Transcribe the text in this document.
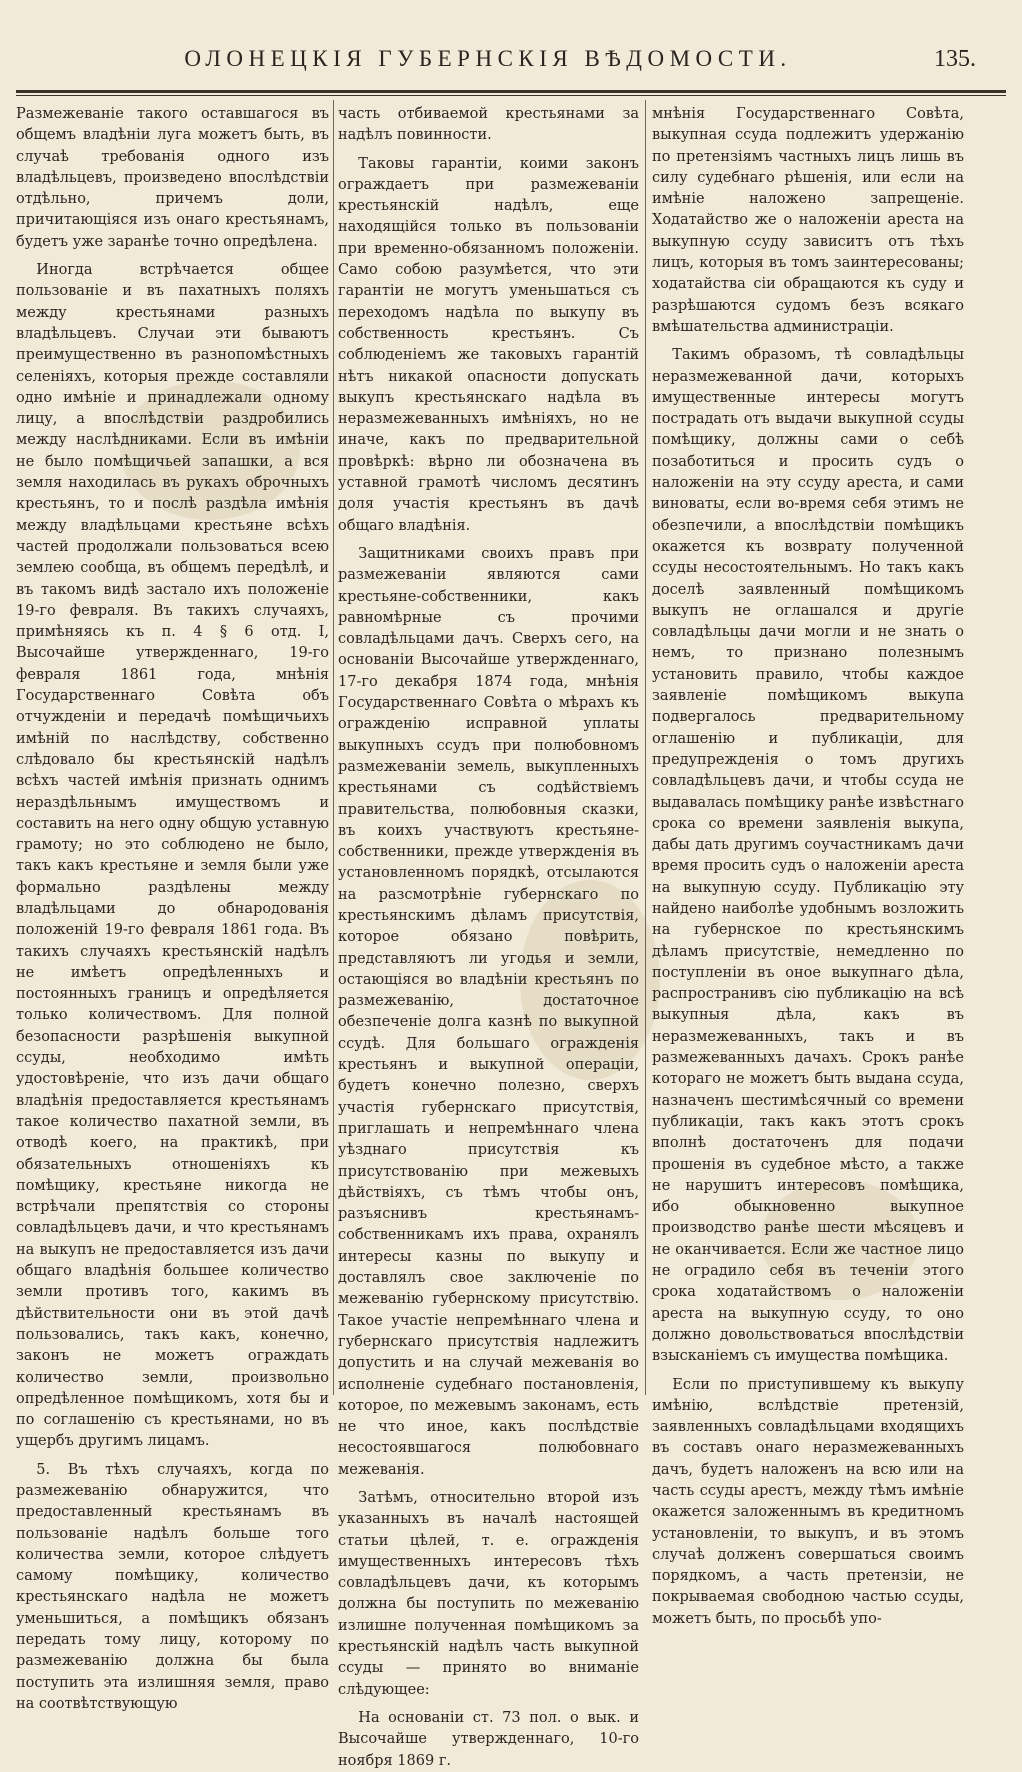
ОЛОНЕЦКІЯ ГУБЕРНСКІЯ ВѢДОМОСТИ.	135.

Размежеваніе такого оставшагося въ общемъ владѣніи луга можетъ быть, въ случаѣ требованія одного изъ владѣльцевъ, произведено впослѣдствіи отдѣльно, причемъ доли, причитающіяся изъ онаго крестьянамъ, будетъ уже заранѣе точно опредѣлена.

Иногда встрѣчается общее пользованіе и въ пахатныхъ поляхъ между крестьянами разныхъ владѣльцевъ. Случаи эти бываютъ преимущественно въ разнопомѣстныхъ селеніяхъ, которыя прежде составляли одно имѣніе и принадлежали одному лицу, а впослѣдствіи раздробились между наслѣдниками. Если въ имѣніи не было помѣщичьей запашки, а вся земля находилась въ рукахъ оброчныхъ крестьянъ, то и послѣ раздѣла имѣнія между владѣльцами крестьяне всѣхъ частей продолжали пользоваться всею землею сообща, въ общемъ передѣлѣ, и въ такомъ видѣ застало ихъ положеніе 19-го февраля. Въ такихъ случаяхъ, примѣняясь къ п. 4 § 6 отд. I, Высочайше утвержденнаго, 19-го февраля 1861 года, мнѣнія Государственнаго Совѣта объ отчужденіи и передачѣ помѣщичьихъ имѣній по наслѣдству, собственно слѣдовало бы крестьянскій надѣлъ всѣхъ частей имѣнія признать однимъ нераздѣльнымъ имуществомъ и составить на него одну общую уставную грамоту; но это соблюдено не было, такъ какъ крестьяне и земля были уже формально раздѣлены между владѣльцами до обнародованія положеній 19-го февраля 1861 года. Въ такихъ случаяхъ крестьянскій надѣлъ не имѣетъ опредѣленныхъ и постоянныхъ границъ и опредѣляется только количествомъ. Для полной безопасности разрѣшенія выкупной ссуды, необходимо имѣть удостовѣреніе, что изъ дачи общаго владѣнія предоставляется крестьянамъ такое количество пахатной земли, въ отводѣ коего, на практикѣ, при обязательныхъ отношеніяхъ къ помѣщику, крестьяне никогда не встрѣчали препятствія со стороны совладѣльцевъ дачи, и что крестьянамъ на выкупъ не предоставляется изъ дачи общаго владѣнія большее количество земли противъ того, какимъ въ дѣйствительности они въ этой дачѣ пользовались, такъ какъ, конечно, законъ не можетъ ограждать количество земли, произвольно опредѣленное помѣщикомъ, хотя бы и по соглашенію съ крестьянами, но въ ущербъ другимъ лицамъ.

5. Въ тѣхъ случаяхъ, когда по размежеванію обнаружится, что предоставленный крестьянамъ въ пользованіе надѣлъ больше того количества земли, которое слѣдуетъ самому помѣщику, количество крестьянскаго надѣла не можетъ уменьшиться, а помѣщикъ обязанъ передать тому лицу, которому по размежеванію должна бы была поступить эта излишняя земля, право на соотвѣтствующую

часть отбиваемой крестьянами за надѣлъ повинности.

Таковы гарантіи, коими законъ ограждаетъ при размежеваніи крестьянскій надѣлъ, еще находящійся только въ пользованіи при временно-обязанномъ положеніи. Само собою разумѣется, что эти гарантіи не могутъ уменьшаться съ переходомъ надѣла по выкупу въ собственность крестьянъ. Съ соблюденіемъ же таковыхъ гарантій нѣтъ никакой опасности допускать выкупъ крестьянскаго надѣла въ неразмежеванныхъ имѣніяхъ, но не иначе, какъ по предварительной провѣркѣ: вѣрно ли обозначена въ уставной грамотѣ числомъ десятинъ доля участія крестьянъ въ дачѣ общаго владѣнія.

Защитниками своихъ правъ при размежеваніи являются сами крестьяне-собственники, какъ равномѣрные съ прочими совладѣльцами дачъ. Сверхъ сего, на основаніи Высочайше утвержденнаго, 17-го декабря 1874 года, мнѣнія Государственнаго Совѣта о мѣрахъ къ огражденію исправной уплаты выкупныхъ ссудъ при полюбовномъ размежеваніи земель, выкупленныхъ крестьянами съ содѣйствіемъ правительства, полюбовныя сказки, въ коихъ участвуютъ крестьяне-собственники, прежде утвержденія въ установленномъ порядкѣ, отсылаются на разсмотрѣніе губернскаго по крестьянскимъ дѣламъ присутствія, которое обязано повѣрить, представляютъ ли угодья и земли, остающіяся во владѣніи крестьянъ по размежеванію, достаточное обезпеченіе долга казнѣ по выкупной ссудѣ. Для большаго огражденія крестьянъ и выкупной операціи, будетъ конечно полезно, сверхъ участія губернскаго присутствія, приглашать и непремѣннаго члена уѣзднаго присутствія къ присутствованію при межевыхъ дѣйствіяхъ, съ тѣмъ чтобы онъ, разъяснивъ крестьянамъ-собственникамъ ихъ права, охранялъ интересы казны по выкупу и доставлялъ свое заключеніе по межеванію губернскому присутствію. Такое участіе непремѣннаго члена и губернскаго присутствія надлежитъ допустить и на случай межеванія во исполненіе судебнаго постановленія, которое, по межевымъ законамъ, есть не что иное, какъ послѣдствіе несостоявшагося полюбовнаго межеванія.

Затѣмъ, относительно второй изъ указанныхъ въ началѣ настоящей статьи цѣлей, т. е. огражденія имущественныхъ интересовъ тѣхъ совладѣльцевъ дачи, къ которымъ должна бы поступить по межеванію излишне полученная помѣщикомъ за крестьянскій надѣлъ часть выкупной ссуды — принято во вниманіе слѣдующее:

На основаніи ст. 73 пол. о вык. и Высочайше утвержденнаго, 10-го ноября 1869 г.

мнѣнія Государственнаго Совѣта, выкупная ссуда подлежитъ удержанію по претензіямъ частныхъ лицъ лишь въ силу судебнаго рѣшенія, или если на имѣніе наложено запрещеніе. Ходатайство же о наложеніи ареста на выкупную ссуду зависитъ отъ тѣхъ лицъ, которыя въ томъ заинтересованы; ходатайства сіи обращаются къ суду и разрѣшаются судомъ безъ всякаго вмѣшательства администраціи.

Такимъ образомъ, тѣ совладѣльцы неразмежеванной дачи, которыхъ имущественные интересы могутъ пострадать отъ выдачи выкупной ссуды помѣщику, должны сами о себѣ позаботиться и просить судъ о наложеніи на эту ссуду ареста, и сами виноваты, если во-время себя этимъ не обезпечили, а впослѣдствіи помѣщикъ окажется къ возврату полученной ссуды несостоятельнымъ. Но такъ какъ доселѣ заявленный помѣщикомъ выкупъ не оглашался и другіе совладѣльцы дачи могли и не знать о немъ, то признано полезнымъ установить правило, чтобы каждое заявленіе помѣщикомъ выкупа подвергалось предварительному оглашенію и публикаціи, для предупрежденія о томъ другихъ совладѣльцевъ дачи, и чтобы ссуда не выдавалась помѣщику ранѣе извѣстнаго срока со времени заявленія выкупа, дабы дать другимъ соучастникамъ дачи время просить судъ о наложеніи ареста на выкупную ссуду. Публикацію эту найдено наиболѣе удобнымъ возложить на губернское по крестьянскимъ дѣламъ присутствіе, немедленно по поступленіи въ оное выкупнаго дѣла, распространивъ сію публикацію на всѣ выкупныя дѣла, какъ въ неразмежеванныхъ, такъ и въ размежеванныхъ дачахъ. Срокъ ранѣе котораго не можетъ быть выдана ссуда, назначенъ шестимѣсячный со времени публикаціи, такъ какъ этотъ срокъ вполнѣ достаточенъ для подачи прошенія въ судебное мѣсто, а также не нарушитъ интересовъ помѣщика, ибо обыкновенно выкупное производство ранѣе шести мѣсяцевъ и не оканчивается. Если же частное лицо не оградило себя въ теченіи этого срока ходатайствомъ о наложеніи ареста на выкупную ссуду, то оно должно довольствоваться впослѣдствіи взысканіемъ съ имущества помѣщика.

Если по приступившему къ выкупу имѣнію, вслѣдствіе претензій, заявленныхъ совладѣльцами входящихъ въ составъ онаго неразмежеванныхъ дачъ, будетъ наложенъ на всю или на часть ссуды арестъ, между тѣмъ имѣніе окажется заложеннымъ въ кредитномъ установленіи, то выкупъ, и въ этомъ случаѣ долженъ совершаться своимъ порядкомъ, а часть претензіи, не покрываемая свободною частью ссуды, можетъ быть, по просьбѣ упо-
